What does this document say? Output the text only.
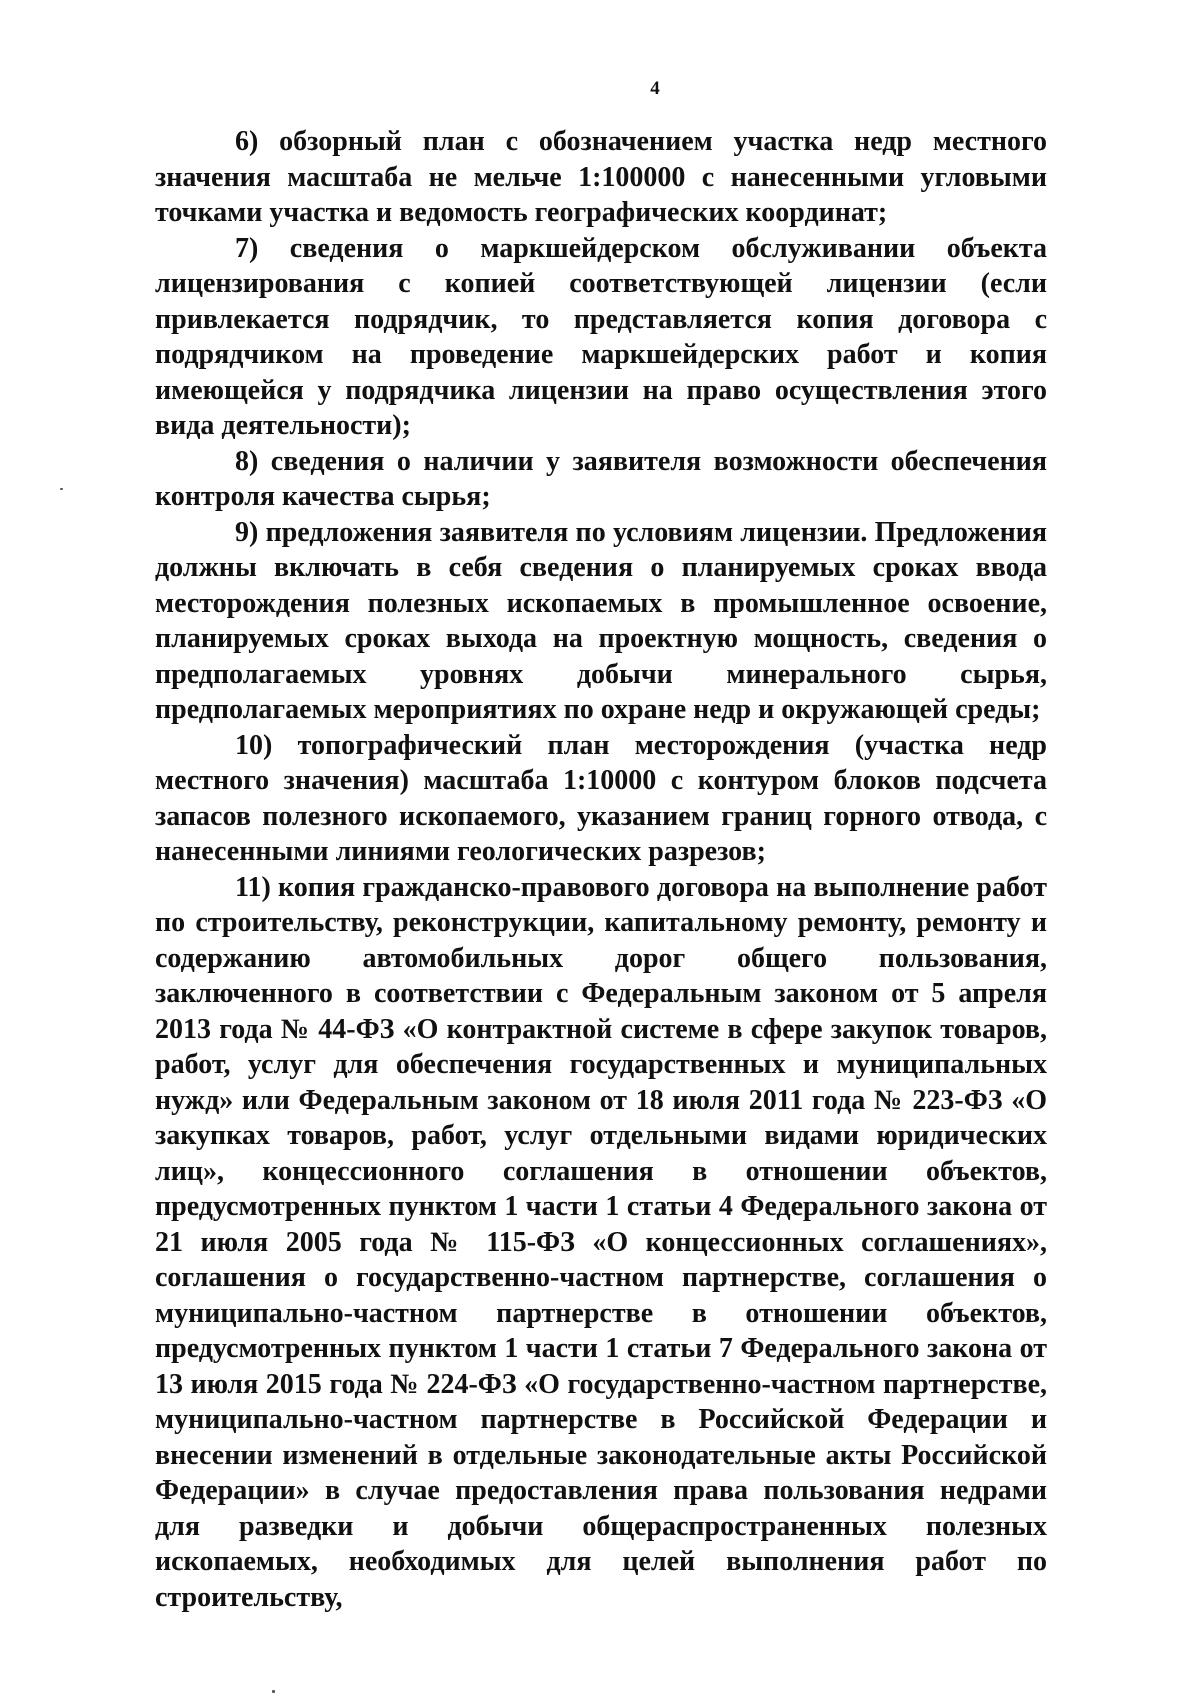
4

6) обзорный план с обозначением участка недр местного значения масштаба не мельче 1:100000 с нанесенными угловыми точками участка и ведомость географических координат;

7) сведения о маркшейдерском обслуживании объекта лицензирования с копией соответствующей лицензии (если привлекается подрядчик, то представляется копия договора с подрядчиком на проведение маркшейдерских работ и копия имеющейся у подрядчика лицензии на право осуществления этого вида деятельности);

8) сведения о наличии у заявителя возможности обеспечения контроля качества сырья;

9) предложения заявителя по условиям лицензии. Предложения должны включать в себя сведения о планируемых сроках ввода месторождения полезных ископаемых в промышленное освоение, планируемых сроках выхода на проектную мощность, сведения о предполагаемых уровнях добычи минерального сырья, предполагаемых мероприятиях по охране недр и окружающей среды;

10) топографический план месторождения (участка недр местного значения) масштаба 1:10000 с контуром блоков подсчета запасов полезного ископаемого, указанием границ горного отвода, с нанесенными линиями геологических разрезов;

11) копия гражданско-правового договора на выполнение работ по строительству, реконструкции, капитальному ремонту, ремонту и содержанию автомобильных дорог общего пользования, заключенного в соответствии с Федеральным законом от 5 апреля 2013 года № 44-ФЗ «О контрактной системе в сфере закупок товаров, работ, услуг для обеспечения государственных и муниципальных нужд» или Федеральным законом от 18 июля 2011 года № 223-ФЗ «О закупках товаров, работ, услуг отдельными видами юридических лиц», концессионного соглашения в отношении объектов, предусмотренных пунктом 1 части 1 статьи 4 Федерального закона от 21 июля 2005 года № 115-ФЗ «О концессионных соглашениях», соглашения о государственно-частном партнерстве, соглашения о муниципально-частном партнерстве в отношении объектов, предусмотренных пунктом 1 части 1 статьи 7 Федерального закона от 13 июля 2015 года № 224-ФЗ «О государственно-частном партнерстве, муниципально-частном партнерстве в Российской Федерации и внесении изменений в отдельные законодательные акты Российской Федерации» в случае предоставления права пользования недрами для разведки и добычи общераспространенных полезных ископаемых, необходимых для целей выполнения работ по строительству,
